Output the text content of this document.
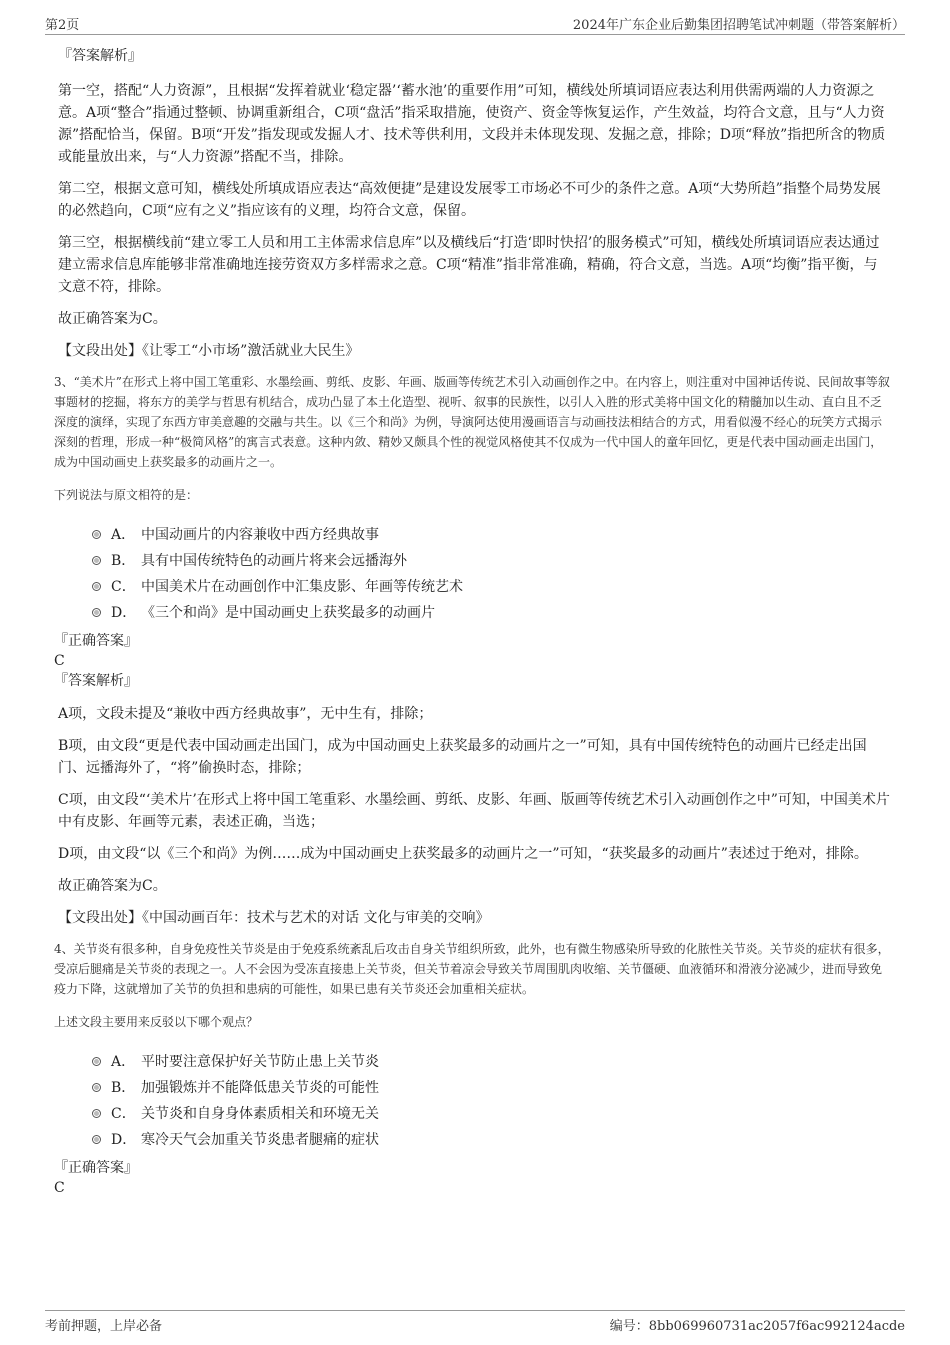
第2页	2024年广东企业后勤集团招聘笔试冲刺题（带答案解析）

『答案解析』

第一空，搭配“人力资源”，且根据“发挥着就业‘稳定器’‘蓄水池’的重要作用”可知，横线处所填词语应表达利用供需两端的人力资源之意。A项“整合”指通过整顿、协调重新组合，C项“盘活”指采取措施，使资产、资金等恢复运作，产生效益，均符合文意，且与“人力资源”搭配恰当，保留。B项“开发”指发现或发掘人才、技术等供利用，文段并未体现发现、发掘之意，排除；D项“释放”指把所含的物质或能量放出来，与“人力资源”搭配不当，排除。

第二空，根据文意可知，横线处所填成语应表达“高效便捷”是建设发展零工市场必不可少的条件之意。A项“大势所趋”指整个局势发展的必然趋向，C项“应有之义”指应该有的义理，均符合文意，保留。

第三空，根据横线前“建立零工人员和用工主体需求信息库”以及横线后“打造‘即时快招’的服务模式”可知，横线处所填词语应表达通过建立需求信息库能够非常准确地连接劳资双方多样需求之意。C项“精准”指非常准确，精确，符合文意，当选。A项“均衡”指平衡，与文意不符，排除。

故正确答案为C。

【文段出处】《让零工“小市场”激活就业大民生》

3、“美术片”在形式上将中国工笔重彩、水墨绘画、剪纸、皮影、年画、版画等传统艺术引入动画创作之中。在内容上，则注重对中国神话传说、民间故事等叙事题材的挖掘，将东方的美学与哲思有机结合，成功凸显了本土化造型、视听、叙事的民族性，以引人入胜的形式美将中国文化的精髓加以生动、直白且不乏深度的演绎，实现了东西方审美意趣的交融与共生。以《三个和尚》为例，导演阿达使用漫画语言与动画技法相结合的方式，用看似漫不经心的玩笑方式揭示深刻的哲理，形成一种“极简风格”的寓言式表意。这种内敛、精妙又颇具个性的视觉风格使其不仅成为一代中国人的童年回忆，更是代表中国动画走出国门，成为中国动画史上获奖最多的动画片之一。

下列说法与原文相符的是：

A． 中国动画片的内容兼收中西方经典故事
B． 具有中国传统特色的动画片将来会远播海外
C． 中国美术片在动画创作中汇集皮影、年画等传统艺术
D． 《三个和尚》是中国动画史上获奖最多的动画片

『正确答案』

C

『答案解析』

A项，文段未提及“兼收中西方经典故事”，无中生有，排除；

B项，由文段“更是代表中国动画走出国门，成为中国动画史上获奖最多的动画片之一”可知，具有中国传统特色的动画片已经走出国门、远播海外了，“将”偷换时态，排除；

C项，由文段“‘美术片’在形式上将中国工笔重彩、水墨绘画、剪纸、皮影、年画、版画等传统艺术引入动画创作之中”可知，中国美术片中有皮影、年画等元素，表述正确，当选；

D项，由文段“以《三个和尚》为例……成为中国动画史上获奖最多的动画片之一”可知，“获奖最多的动画片”表述过于绝对，排除。

故正确答案为C。

【文段出处】《中国动画百年：技术与艺术的对话 文化与审美的交响》

4、关节炎有很多种，自身免疫性关节炎是由于免疫系统紊乱后攻击自身关节组织所致，此外，也有微生物感染所导致的化脓性关节炎。关节炎的症状有很多，受凉后腿痛是关节炎的表现之一。人不会因为受冻直接患上关节炎，但关节着凉会导致关节周围肌肉收缩、关节僵硬、血液循环和滑液分泌减少，进而导致免疫力下降，这就增加了关节的负担和患病的可能性，如果已患有关节炎还会加重相关症状。

上述文段主要用来反驳以下哪个观点？

A． 平时要注意保护好关节防止患上关节炎
B． 加强锻炼并不能降低患关节炎的可能性
C． 关节炎和自身身体素质相关和环境无关
D． 寒冷天气会加重关节炎患者腿痛的症状

『正确答案』

C

考前押题，上岸必备	编号：8bb069960731ac2057f6ac992124acde
